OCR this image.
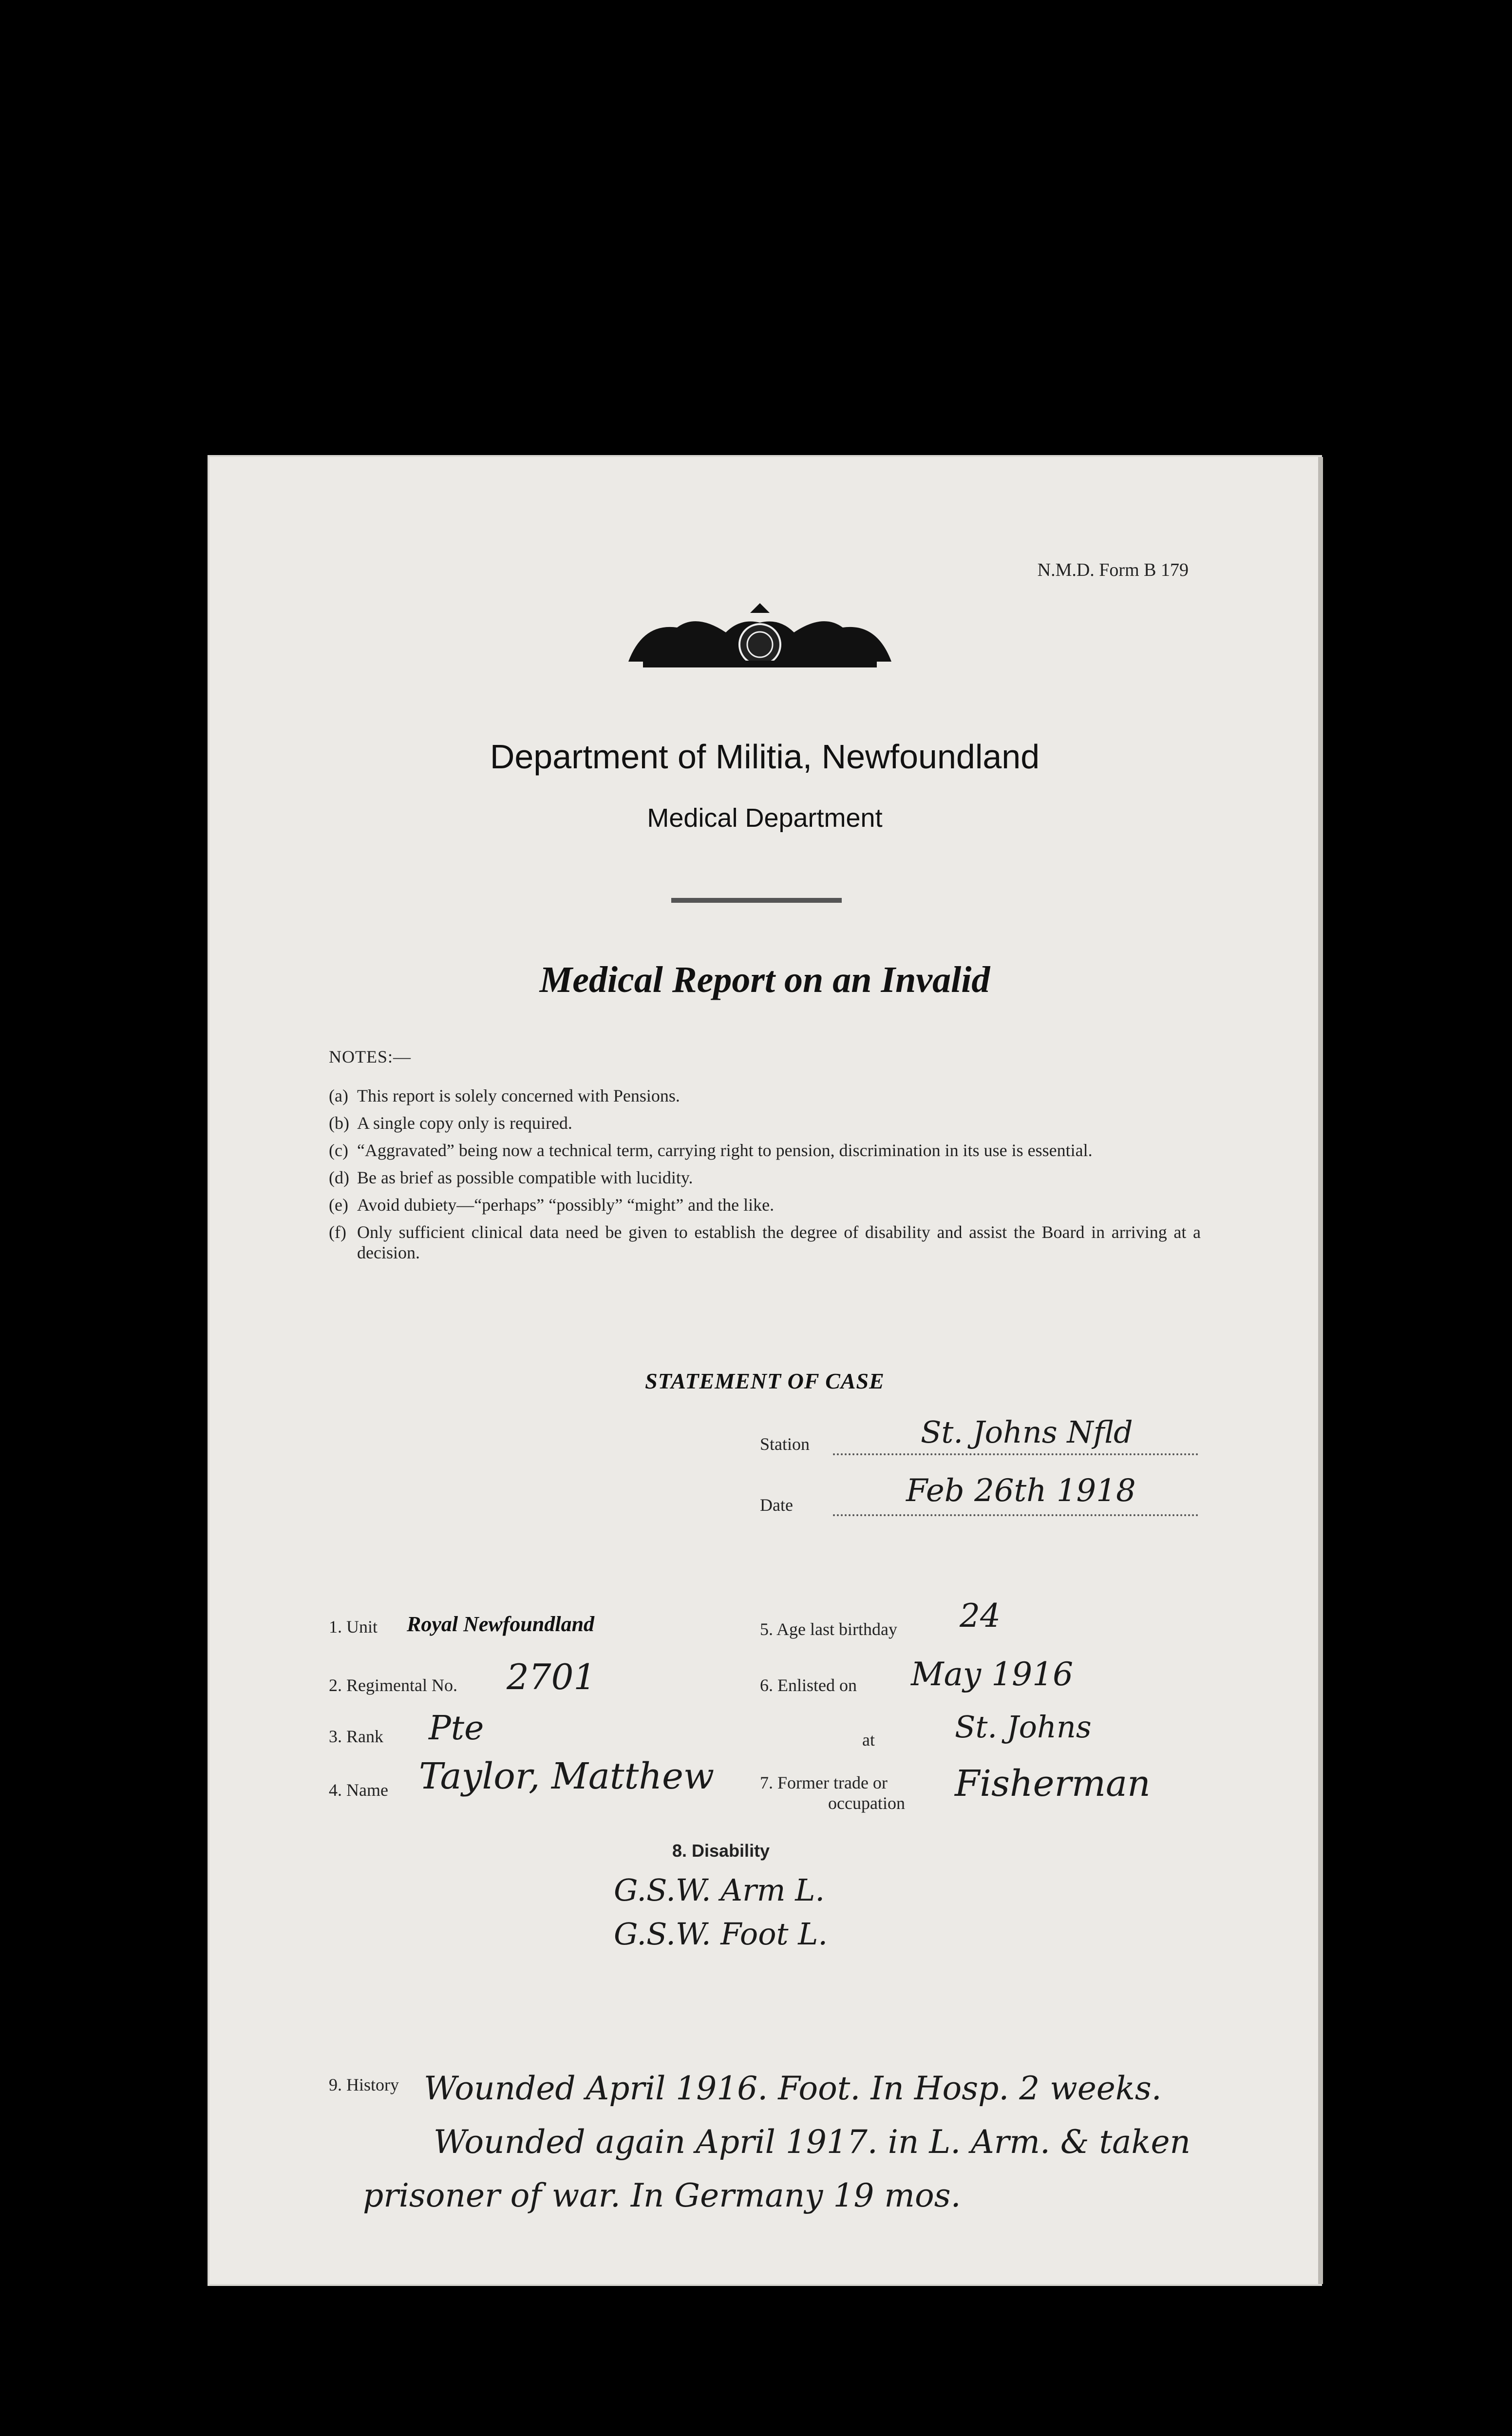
N.M.D. Form B 179
Department of Militia, Newfoundland
Medical Department
Medical Report on an Invalid
NOTES:—
(a) This report is solely concerned with Pensions.
(b) A single copy only is required.
(c) “Aggravated” being now a technical term, carrying right to pension, discrimination in its use is essential.
(d) Be as brief as possible compatible with lucidity.
(e) Avoid dubiety—“perhaps” “possibly” “might” and the like.
(f) Only sufficient clinical data need be given to establish the degree of disability and assist the Board in arriving at a decision.
STATEMENT OF CASE
Station	St. Johns Nfld
Date	Feb 26th 1918
1. Unit Royal Newfoundland
2. Regimental No. 2701
3. Rank Pte
4. Name Taylor, Matthew
5. Age last birthday 24
6. Enlisted on May 1916
at	St. Johns
7. Former trade or
occupation Fisherman
8. Disability
G.S.W. Arm L.
G.S.W. Foot L.
9. History Wounded April 1916. Foot. In Hosp. 2 weeks.
Wounded again April 1917. in L. Arm. & taken
prisoner of war. In Germany 19 mos.
